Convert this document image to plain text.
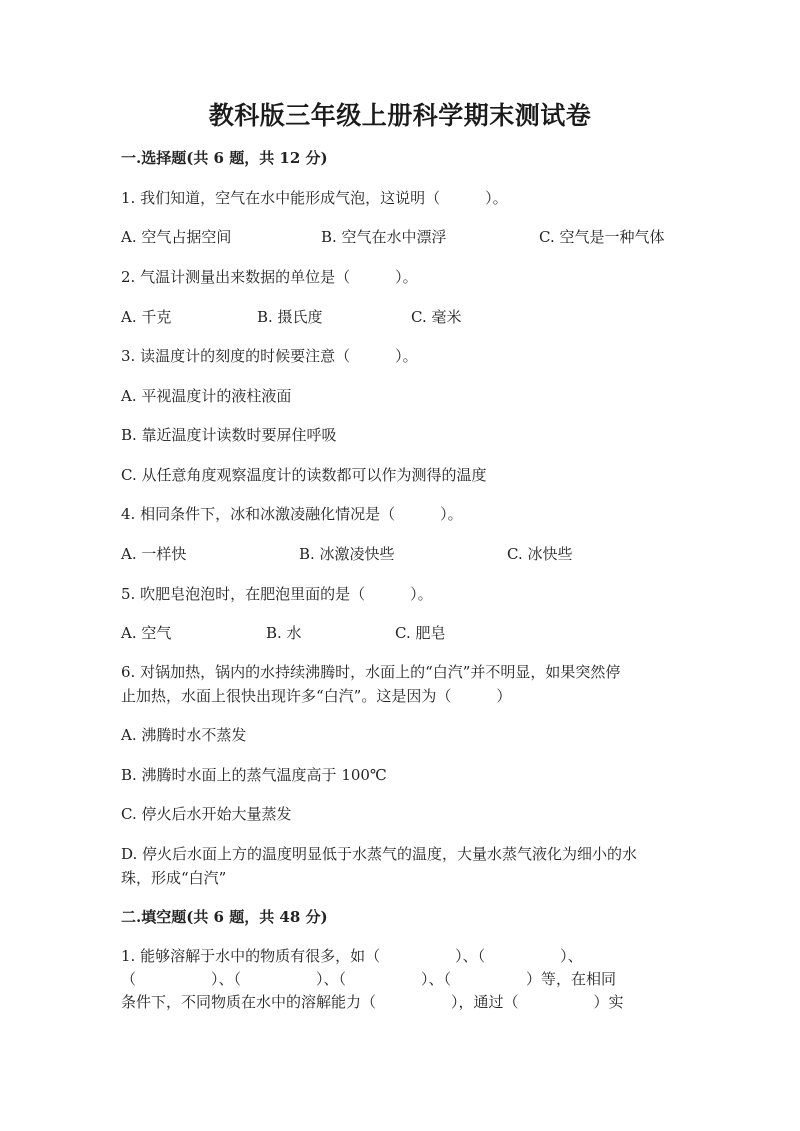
教科版三年级上册科学期末测试卷
一.选择题(共 6 题，共 12 分)
1. 我们知道，空气在水中能形成气泡，这说明（　　　）。
A. 空气占据空间	B. 空气在水中漂浮	C. 空气是一种气体
2. 气温计测量出来数据的单位是（　　　）。
A. 千克	B. 摄氏度	C. 毫米
3. 读温度计的刻度的时候要注意（　　　）。
A. 平视温度计的液柱液面
B. 靠近温度计读数时要屏住呼吸
C. 从任意角度观察温度计的读数都可以作为测得的温度
4. 相同条件下，冰和冰激凌融化情况是（　　　）。
A. 一样快	B. 冰激凌快些	C. 冰快些
5. 吹肥皂泡泡时，在肥泡里面的是（　　　）。
A. 空气	B. 水	C. 肥皂
6. 对锅加热，锅内的水持续沸腾时，水面上的“白汽”并不明显，如果突然停
止加热，水面上很快出现许多“白汽”。这是因为（　　　）
A. 沸腾时水不蒸发
B. 沸腾时水面上的蒸气温度高于 100℃
C. 停火后水开始大量蒸发
D. 停火后水面上方的温度明显低于水蒸气的温度，大量水蒸气液化为细小的水
珠，形成“白汽”
二.填空题(共 6 题，共 48 分)
1. 能够溶解于水中的物质有很多，如（　　　　　）、（　　　　　）、
（　　　　　）、（　　　　　）、（　　　　　）、（　　　　　）等，在相同
条件下，不同物质在水中的溶解能力（　　　　　），通过（　　　　　）实
